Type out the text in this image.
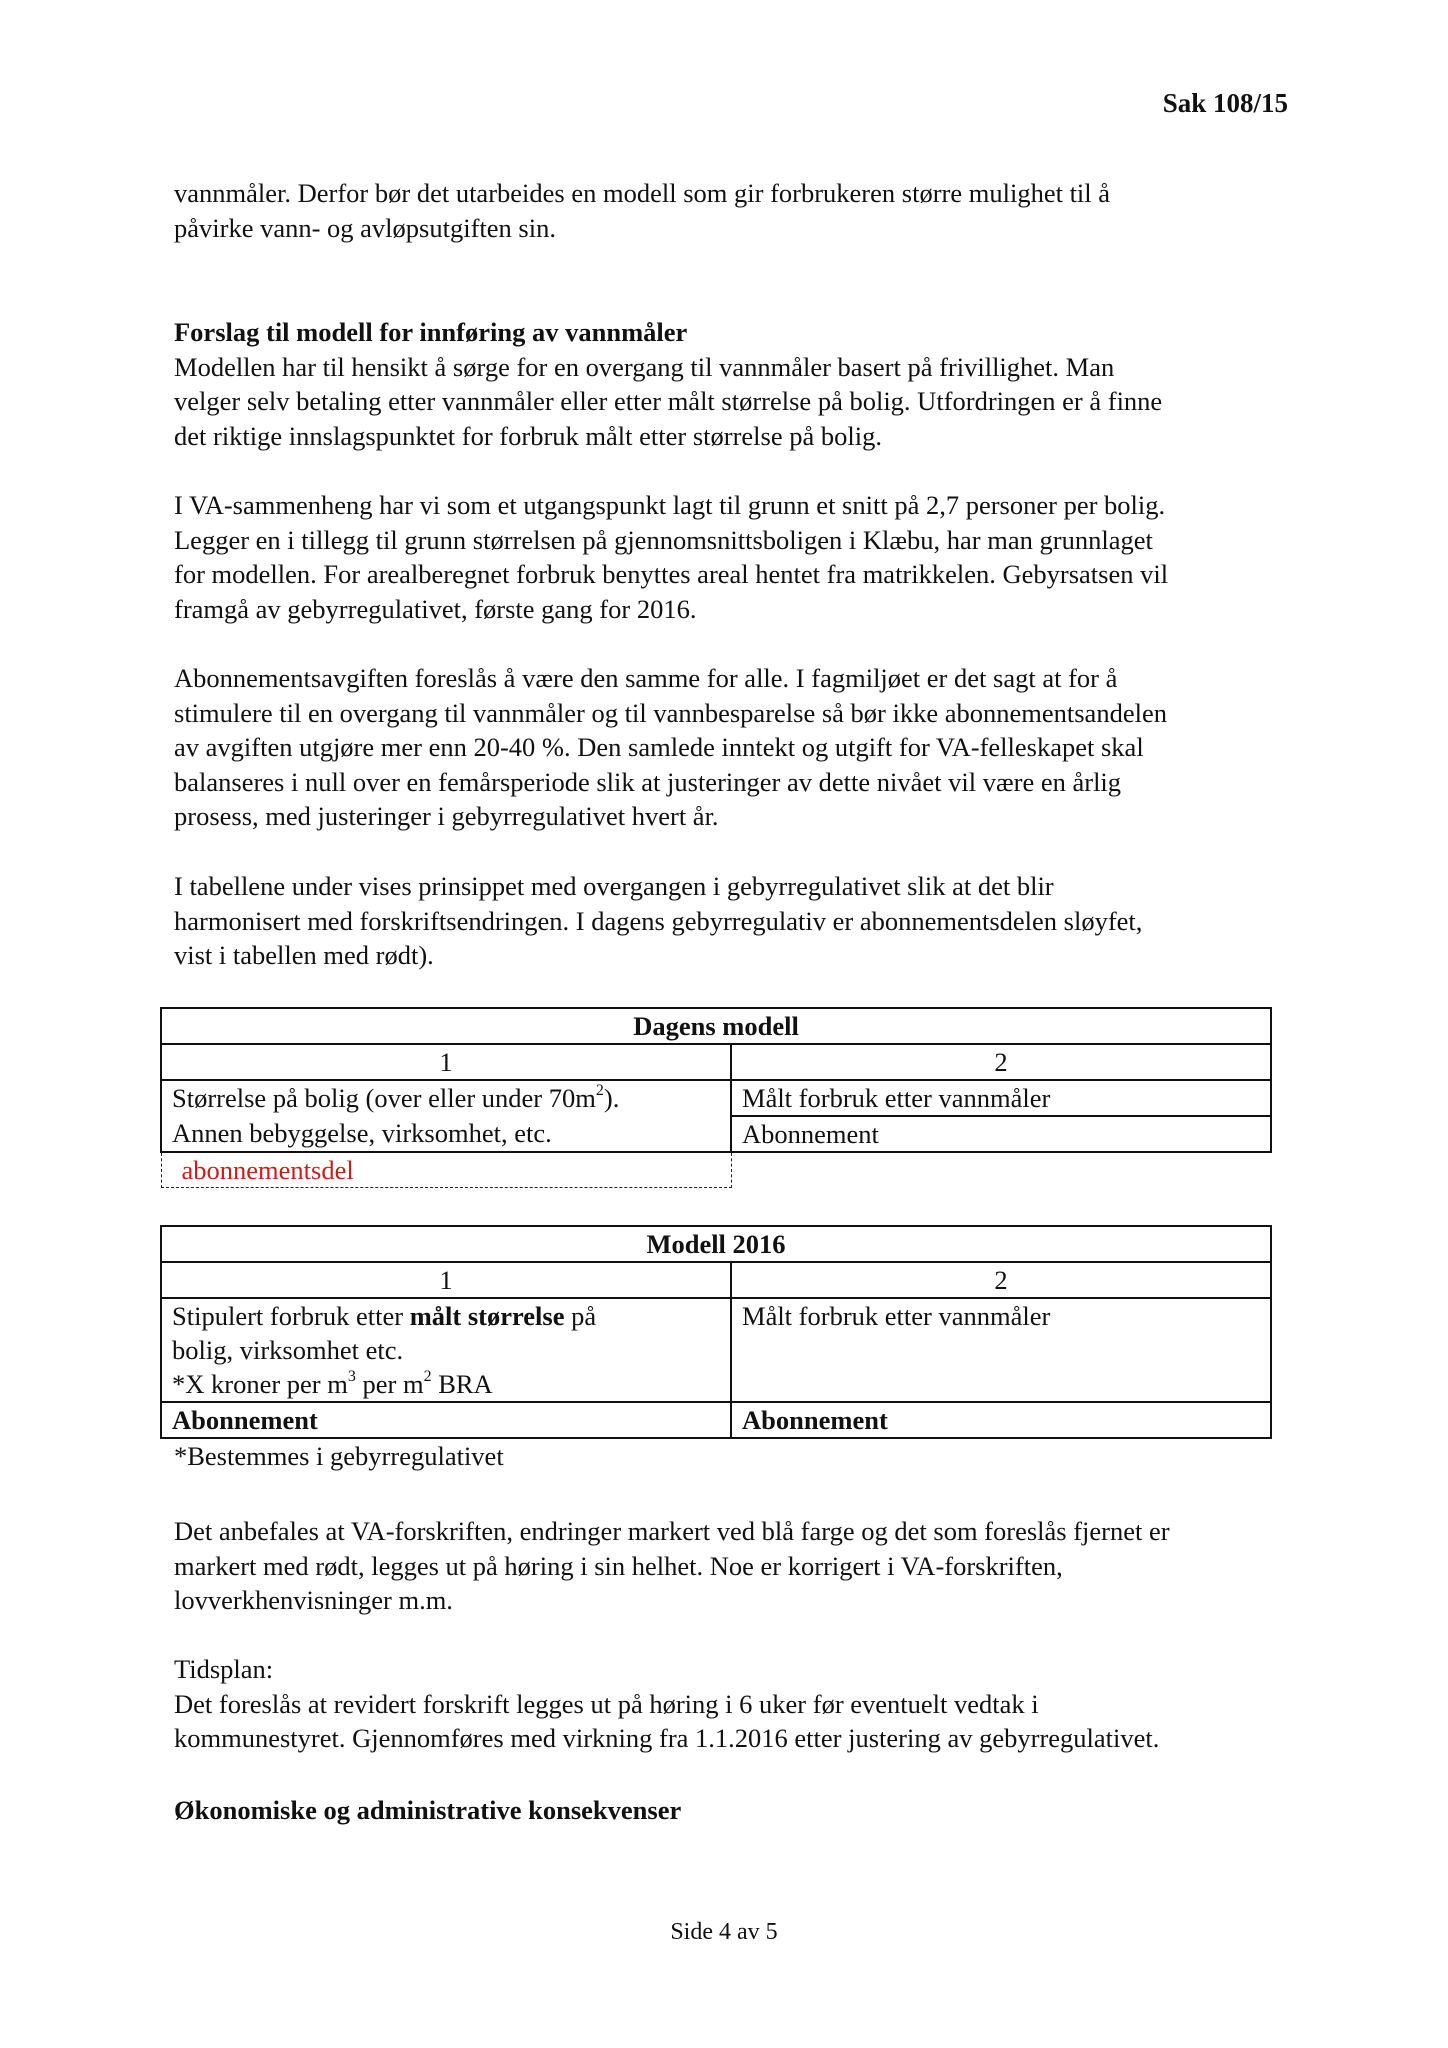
Sak 108/15
vannmåler. Derfor bør det utarbeides en modell som gir forbrukeren større mulighet til å
påvirke vann- og avløpsutgiften sin.
Forslag til modell for innføring av vannmåler
Modellen har til hensikt å sørge for en overgang til vannmåler basert på frivillighet. Man
velger selv betaling etter vannmåler eller etter målt størrelse på bolig. Utfordringen er å finne
det riktige innslagspunktet for forbruk målt etter størrelse på bolig.
I VA-sammenheng har vi som et utgangspunkt lagt til grunn et snitt på 2,7 personer per bolig.
Legger en i tillegg til grunn størrelsen på gjennomsnittsboligen i Klæbu, har man grunnlaget
for modellen. For arealberegnet forbruk benyttes areal hentet fra matrikkelen. Gebyrsatsen vil
framgå av gebyrregulativet, første gang for 2016.
Abonnementsavgiften foreslås å være den samme for alle. I fagmiljøet er det sagt at for å
stimulere til en overgang til vannmåler og til vannbesparelse så bør ikke abonnementsandelen
av avgiften utgjøre mer enn 20-40 %. Den samlede inntekt og utgift for VA-felleskapet skal
balanseres i null over en femårsperiode slik at justeringer av dette nivået vil være en årlig
prosess, med justeringer i gebyrregulativet hvert år.
I tabellene under vises prinsippet med overgangen i gebyrregulativet slik at det blir
harmonisert med forskriftsendringen. I dagens gebyrregulativ er abonnementsdelen sløyfet,
vist i tabellen med rødt).
Dagens modell	
1	2
Størrelse på bolig (over eller under $70m^2$).	Målt forbruk etter vannmåler
Annen bebyggelse, virksomhet, etc.	Abonnement
abonnementsdel	
Modell 2016	
1	2

Stipulert forbruk etter målt størrelse på
bolig, virksomhet etc.
*X kroner per $m^3$ per $m^2$ BRA	Målt forbruk etter vannmåler
Abonnement	Abonnement
*Bestemmes i gebyrregulativet
Det anbefales at VA-forskriften, endringer markert ved blå farge og det som foreslås fjernet er
markert med rødt, legges ut på høring i sin helhet. Noe er korrigert i VA-forskriften,
lovverkhenvisninger m.m.
Tidsplan:
Det foreslås at revidert forskrift legges ut på høring i 6 uker før eventuelt vedtak i
kommunestyret. Gjennomføres med virkning fra 1.1.2016 etter justering av gebyrregulativet.
Økonomiske og administrative konsekvenser
Side 4 av 5
